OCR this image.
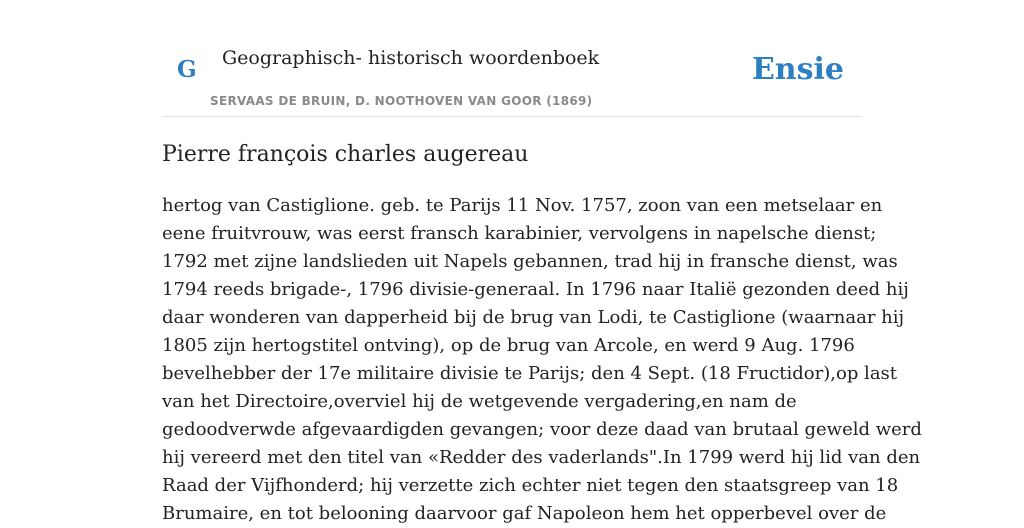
G Geographisch- historisch woordenboek
SERVAAS DE BRUIN, D. NOOTHOVEN VAN GOOR (1869)
Ensie
Pierre françois charles augereau
hertog van Castiglione. geb. te Parijs 11 Nov. 1757, zoon van een metselaar en
eene fruitvrouw, was eerst fransch karabinier, vervolgens in napelsche dienst;
1792 met zijne landslieden uit Napels gebannen, trad hij in fransche dienst, was
1794 reeds brigade-, 1796 divisie-generaal. In 1796 naar Italië gezonden deed hij
daar wonderen van dapperheid bij de brug van Lodi, te Castiglione (waarnaar hij
1805 zijn hertogstitel ontving), op de brug van Arcole, en werd 9 Aug. 1796
bevelhebber der 17e militaire divisie te Parijs; den 4 Sept. (18 Fructidor),op last
van het Directoire,overviel hij de wetgevende vergadering,en nam de
gedoodverwde afgevaardigden gevangen; voor deze daad van brutaal geweld werd
hij vereerd met den titel van «Redder des vaderlands".In 1799 werd hij lid van den
Raad der Vijfhonderd; hij verzette zich echter niet tegen den staatsgreep van 18
Brumaire, en tot belooning daarvoor gaf Napoleon hem het opperbevel over de
